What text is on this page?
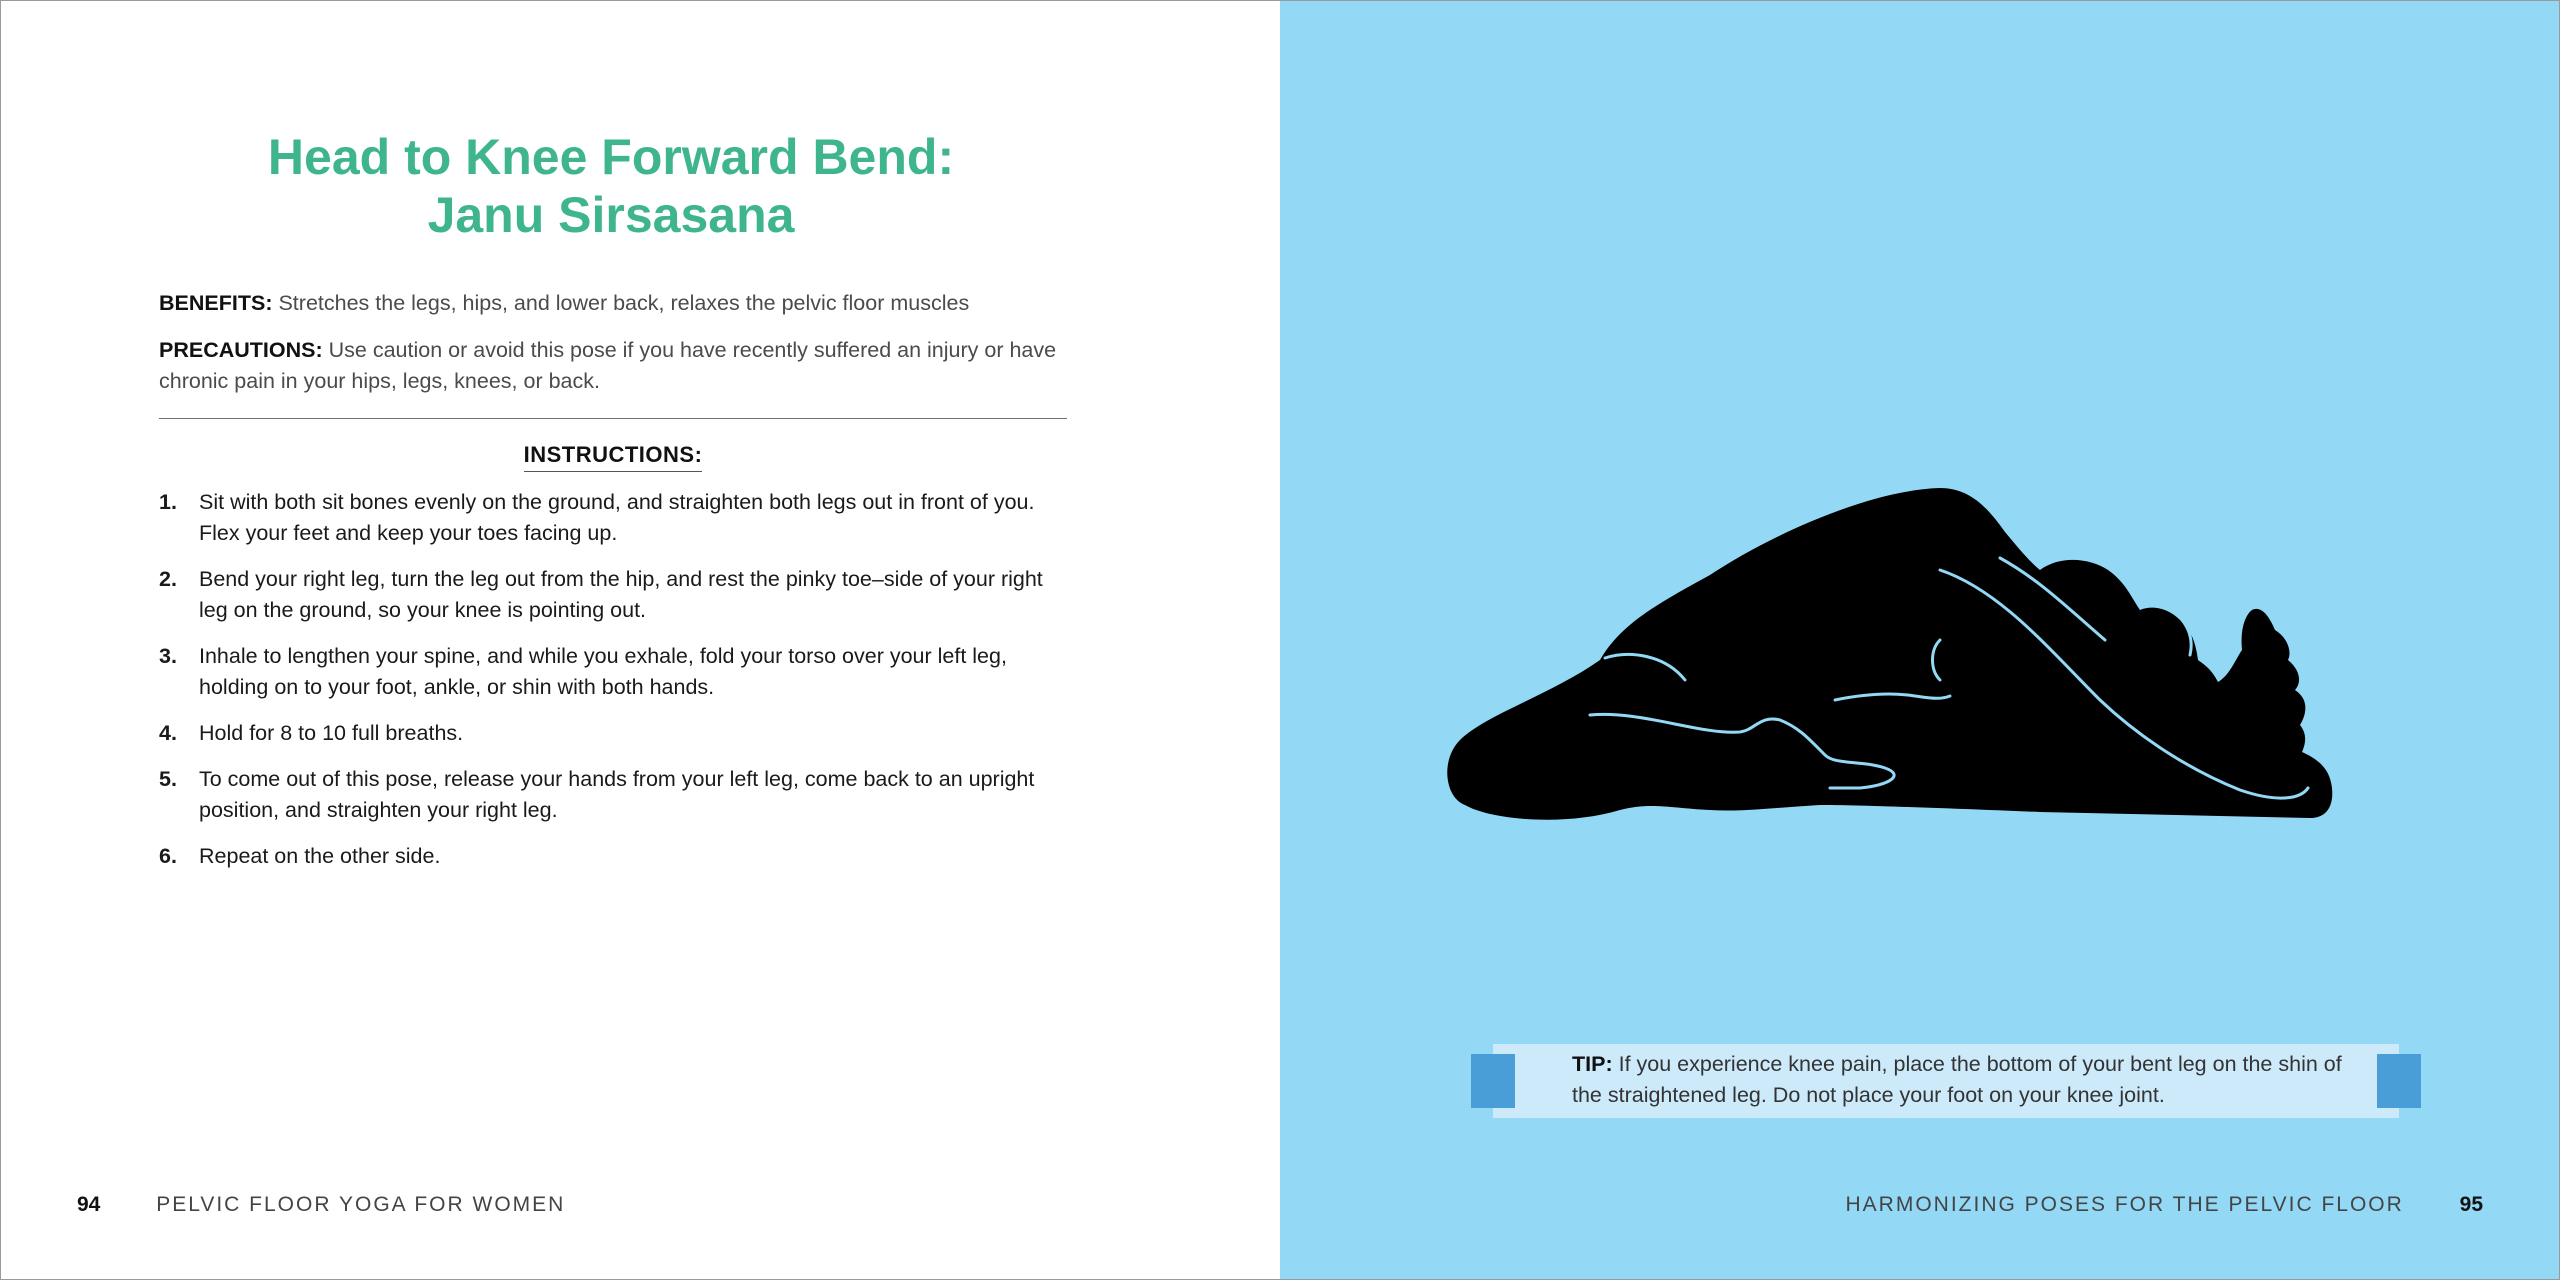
Head to Knee Forward Bend:
Janu Sirsasana

BENEFITS: Stretches the legs, hips, and lower back, relaxes the pelvic floor muscles

PRECAUTIONS: Use caution or avoid this pose if you have recently suffered an injury or have chronic pain in your hips, legs, knees, or back.

INSTRUCTIONS:
1. Sit with both sit bones evenly on the ground, and straighten both legs out in front of you. Flex your feet and keep your toes facing up.
2. Bend your right leg, turn the leg out from the hip, and rest the pinky toe–side of your right leg on the ground, so your knee is pointing out.
3. Inhale to lengthen your spine, and while you exhale, fold your torso over your left leg, holding on to your foot, ankle, or shin with both hands.
4. Hold for 8 to 10 full breaths.
5. To come out of this pose, release your hands from your left leg, come back to an upright position, and straighten your right leg.
6. Repeat on the other side.
94	PELVIC FLOOR YOGA FOR WOMEN

TIP: If you experience knee pain, place the bottom of your bent leg on the shin of the straightened leg. Do not place your foot on your knee joint.

HARMONIZING POSES FOR THE PELVIC FLOOR	95
